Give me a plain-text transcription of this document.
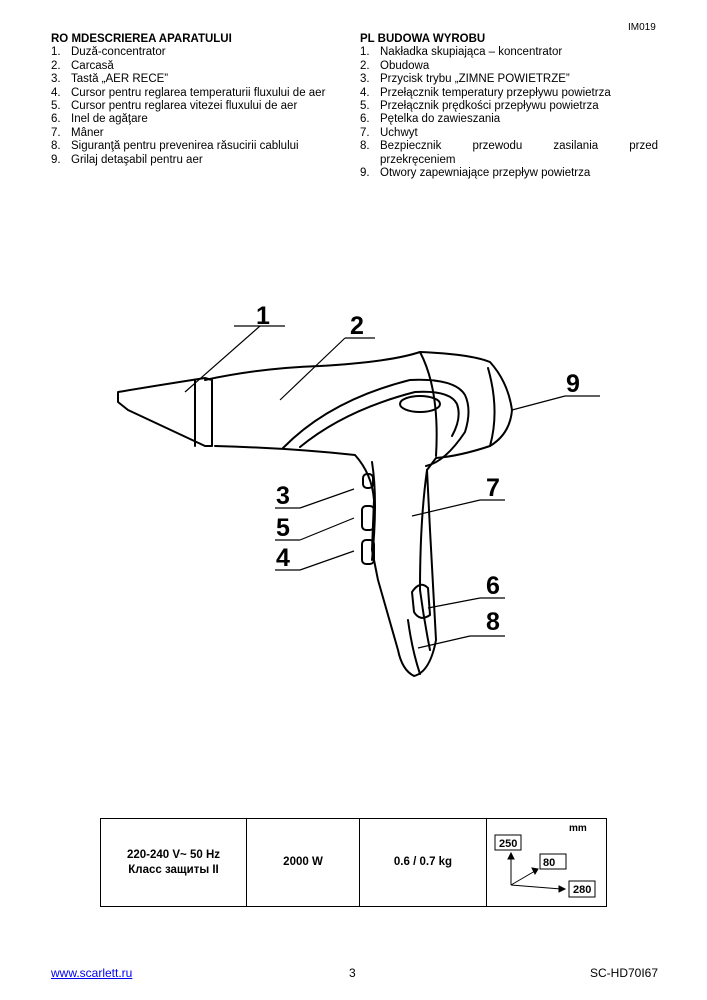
IM019
RO MDESCRIEREA APARATULUI
1. Duză-concentrator
2. Carcasă
3. Tastă „AER RECE”
4. Cursor pentru reglarea temperaturii fluxului de aer
5. Cursor pentru reglarea vitezei fluxului de aer
6. Inel de agăţare
7. Mâner
8. Siguranţă pentru prevenirea răsucirii cablului
9. Grilaj detaşabil pentru aer
PL BUDOWA WYROBU
1. Nakładka skupiająca – koncentrator
2. Obudowa
3. Przycisk trybu „ZIMNE POWIETRZE”
4. Przełącznik temperatury przepływu powietrza
5. Przełącznik prędkości przepływu powietrza
6. Pętelka do zawieszania
7. Uchwyt
8. Bezpiecznik przewodu zasilania przed
przekręceniem
9. Otwory zapewniające przepływ powietrza
1	2
3
5
4
7
6
8
9
220-240 V~ 50 Hz
Класс защиты II
	2000 W	0.6 / 0.7 kg	
mm
250
80
280
www.scarlett.ru	3	SC-HD70I67
